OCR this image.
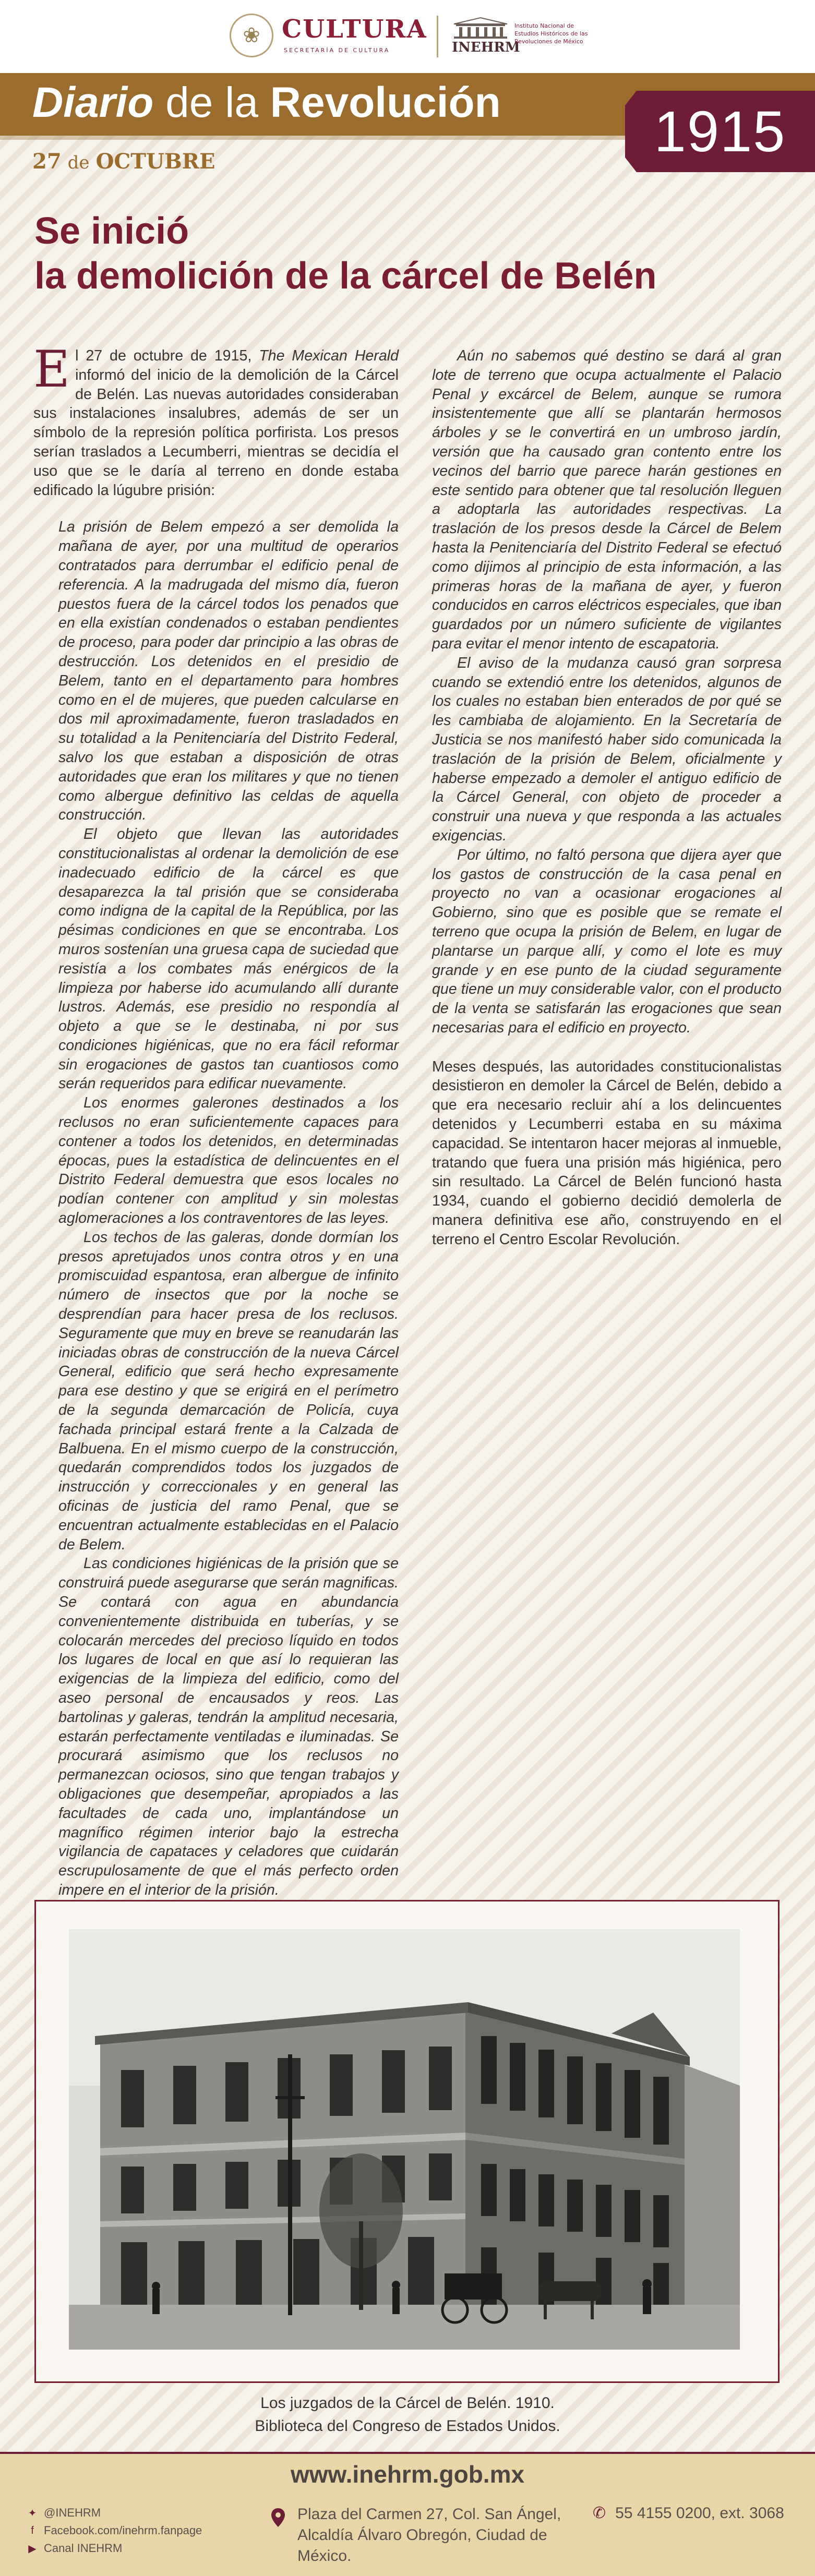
❀ CULTURA
SECRETARÍA DE CULTURA	INEHRM
Instituto Nacional de Estudios Históricos de las Revoluciones de México
Diario de la Revolución
27 de OCTUBRE	1915
Se inició
la demolición de la cárcel de Belén

El 27 de octubre de 1915, The Mexican Herald informó del inicio de la demolición de la Cárcel de Belén. Las nuevas autoridades consideraban sus instalaciones insalubres, además de ser un símbolo de la represión política porfirista. Los presos serían traslados a Lecumberri, mientras se decidía el uso que se le daría al terreno en donde estaba edificado la lúgubre prisión:

La prisión de Belem empezó a ser demolida la mañana de ayer, por una multitud de operarios contratados para derrumbar el edificio penal de referencia. A la madrugada del mismo día, fueron puestos fuera de la cárcel todos los penados que en ella existían condenados o estaban pendientes de proceso, para poder dar principio a las obras de destrucción. Los detenidos en el presidio de Belem, tanto en el departamento para hombres como en el de mujeres, que pueden calcularse en dos mil aproximadamente, fueron trasladados en su totalidad a la Penitenciaría del Distrito Federal, salvo los que estaban a disposición de otras autoridades que eran los militares y que no tienen como albergue definitivo las celdas de aquella construcción.

El objeto que llevan las autoridades constitucionalistas al ordenar la demolición de ese inadecuado edificio de la cárcel es que desaparezca la tal prisión que se consideraba como indigna de la capital de la República, por las pésimas condiciones en que se encontraba. Los muros sostenían una gruesa capa de suciedad que resistía a los combates más enérgicos de la limpieza por haberse ido acumulando allí durante lustros. Además, ese presidio no respondía al objeto a que se le destinaba, ni por sus condiciones higiénicas, que no era fácil reformar sin erogaciones de gastos tan cuantiosos como serán requeridos para edificar nuevamente.

Los enormes galerones destinados a los reclusos no eran suficientemente capaces para contener a todos los detenidos, en determinadas épocas, pues la estadística de delincuentes en el Distrito Federal demuestra que esos locales no podían contener con amplitud y sin molestas aglomeraciones a los contraventores de las leyes.

Los techos de las galeras, donde dormían los presos apretujados unos contra otros y en una promiscuidad espantosa, eran albergue de infinito número de insectos que por la noche se desprendían para hacer presa de los reclusos. Seguramente que muy en breve se reanudarán las iniciadas obras de construcción de la nueva Cárcel General, edificio que será hecho expresamente para ese destino y que se erigirá en el perímetro de la segunda demarcación de Policía, cuya fachada principal estará frente a la Calzada de Balbuena. En el mismo cuerpo de la construcción, quedarán comprendidos todos los juzgados de instrucción y correccionales y en general las oficinas de justicia del ramo Penal, que se encuentran actualmente establecidas en el Palacio de Belem.

Las condiciones higiénicas de la prisión que se construirá puede asegurarse que serán magnificas. Se contará con agua en abundancia convenientemente distribuida en tuberías, y se colocarán mercedes del precioso líquido en todos los lugares de local en que así lo requieran las exigencias de la limpieza del edificio, como del aseo personal de encausados y reos. Las bartolinas y galeras, tendrán la amplitud necesaria, estarán perfectamente ventiladas e iluminadas. Se procurará asimismo que los reclusos no permanezcan ociosos, sino que tengan trabajos y obligaciones que desempeñar, apropiados a las facultades de cada uno, implantándose un magnífico régimen interior bajo la estrecha vigilancia de capataces y celadores que cuidarán escrupulosamente de que el más perfecto orden impere en el interior de la prisión.

Aún no sabemos qué destino se dará al gran lote de terreno que ocupa actualmente el Palacio Penal y excárcel de Belem, aunque se rumora insistentemente que allí se plantarán hermosos árboles y se le convertirá en un umbroso jardín, versión que ha causado gran contento entre los vecinos del barrio que parece harán gestiones en este sentido para obtener que tal resolución lleguen a adoptarla las autoridades respectivas. La traslación de los presos desde la Cárcel de Belem hasta la Penitenciaría del Distrito Federal se efectuó como dijimos al principio de esta información, a las primeras horas de la mañana de ayer, y fueron conducidos en carros eléctricos especiales, que iban guardados por un número suficiente de vigilantes para evitar el menor intento de escapatoria.

El aviso de la mudanza causó gran sorpresa cuando se extendió entre los detenidos, algunos de los cuales no estaban bien enterados de por qué se les cambiaba de alojamiento. En la Secretaría de Justicia se nos manifestó haber sido comunicada la traslación de la prisión de Belem, oficialmente y haberse empezado a demoler el antiguo edificio de la Cárcel General, con objeto de proceder a construir una nueva y que responda a las actuales exigencias.

Por último, no faltó persona que dijera ayer que los gastos de construcción de la casa penal en proyecto no van a ocasionar erogaciones al Gobierno, sino que es posible que se remate el terreno que ocupa la prisión de Belem, en lugar de plantarse un parque allí, y como el lote es muy grande y en ese punto de la ciudad seguramente que tiene un muy considerable valor, con el producto de la venta se satisfarán las erogaciones que sean necesarias para el edificio en proyecto.

Meses después, las autoridades constitucionalistas desistieron en demoler la Cárcel de Belén, debido a que era necesario recluir ahí a los delincuentes detenidos y Lecumberri estaba en su máxima capacidad. Se intentaron hacer mejoras al inmueble, tratando que fuera una prisión más higiénica, pero sin resultado. La Cárcel de Belén funcionó hasta 1934, cuando el gobierno decidió demolerla de manera definitiva ese año, construyendo en el terreno el Centro Escolar Revolución.

Los juzgados de la Cárcel de Belén. 1910.
Biblioteca del Congreso de Estados Unidos.
www.inehrm.gob.mx
✦ @INEHRM
f Facebook.com/inehrm.fanpage
▶ Canal INEHRM
Plaza del Carmen 27, Col. San Ángel,
Alcaldía Álvaro Obregón, Ciudad de México.
✆ 55 4155 0200, ext. 3068
